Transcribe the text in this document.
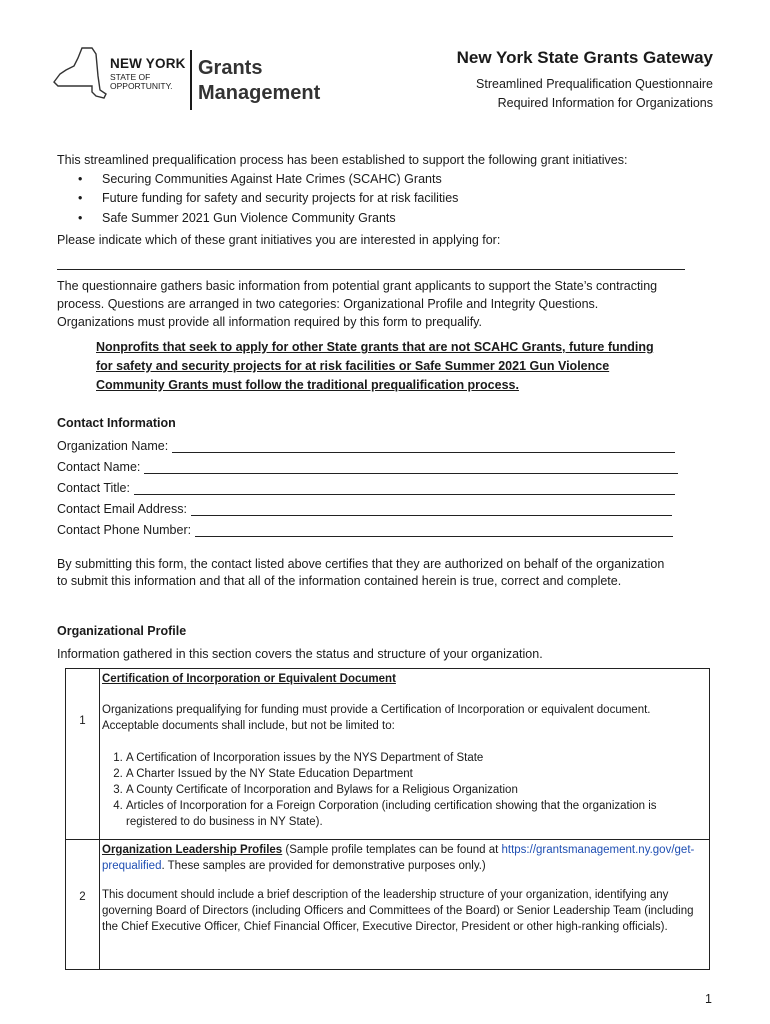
NEW YORK
STATE OF OPPORTUNITY.
Grants
Management
New York State Grants Gateway
Streamlined Prequalification Questionnaire
Required Information for Organizations
This streamlined prequalification process has been established to support the following grant initiatives:
• Securing Communities Against Hate Crimes (SCAHC) Grants
• Future funding for safety and security projects for at risk facilities
• Safe Summer 2021 Gun Violence Community Grants
Please indicate which of these grant initiatives you are interested in applying for:
The questionnaire gathers basic information from potential grant applicants to support the State’s contracting process. Questions are arranged in two categories: Organizational Profile and Integrity Questions. Organizations must provide all information required by this form to prequalify.
Nonprofits that seek to apply for other State grants that are not SCAHC Grants, future funding for safety and security projects for at risk facilities or Safe Summer 2021 Gun Violence Community Grants must follow the traditional prequalification process.
Contact Information
Organization Name:
Contact Name:
Contact Title:
Contact Email Address:
Contact Phone Number:
By submitting this form, the contact listed above certifies that they are authorized on behalf of the organization to submit this information and that all of the information contained herein is true, correct and complete.
Organizational Profile
Information gathered in this section covers the status and structure of your organization.
1
Certification of Incorporation or Equivalent Document
Organizations prequalifying for funding must provide a Certification of Incorporation or equivalent document. Acceptable documents shall include, but not be limited to:
1. A Certification of Incorporation issues by the NYS Department of State
2. A Charter Issued by the NY State Education Department
3. A County Certificate of Incorporation and Bylaws for a Religious Organization
4. Articles of Incorporation for a Foreign Corporation (including certification showing that the organization is registered to do business in NY State).
2
Organization Leadership Profiles (Sample profile templates can be found at https://grantsmanagement.ny.gov/get-prequalified. These samples are provided for demonstrative purposes only.)
This document should include a brief description of the leadership structure of your organization, identifying any governing Board of Directors (including Officers and Committees of the Board) or Senior Leadership Team (including the Chief Executive Officer, Chief Financial Officer, Executive Director, President or other high-ranking officials).
1
